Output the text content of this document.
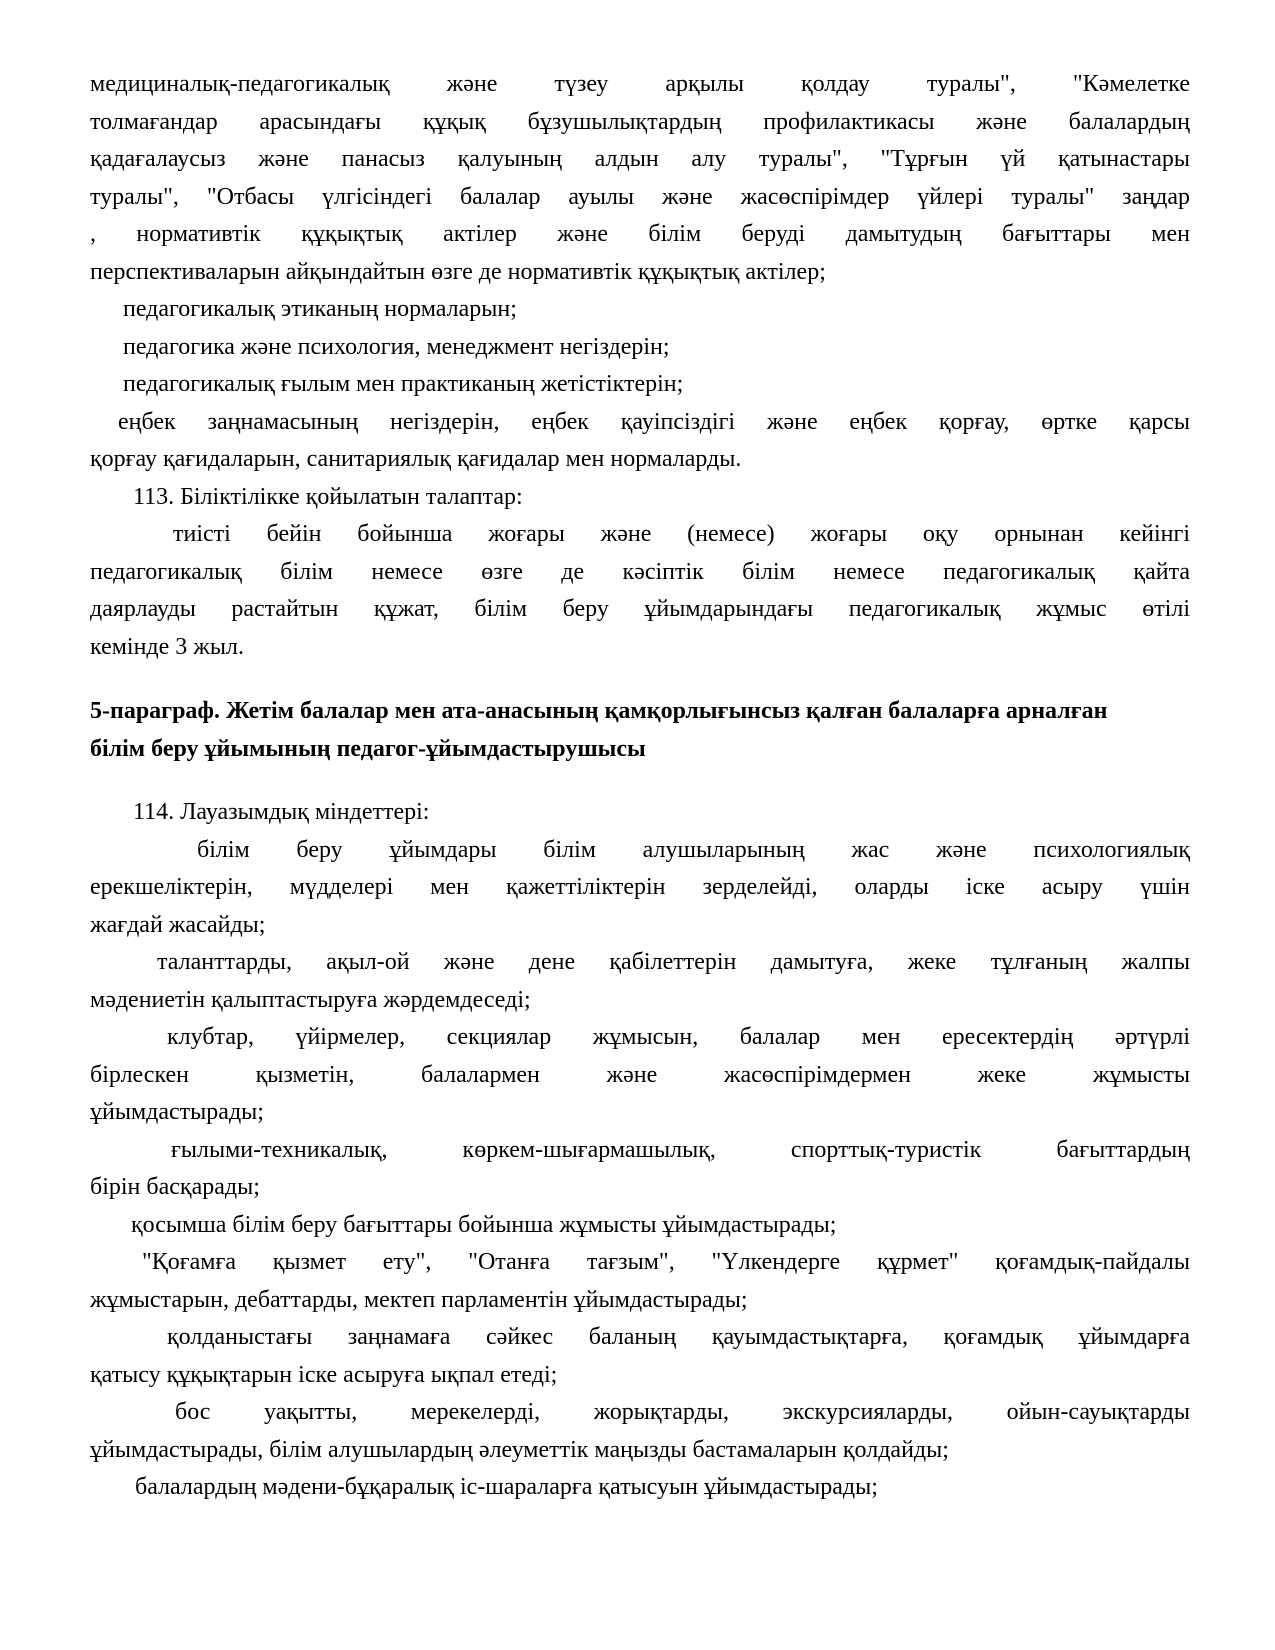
медициналық-педагогикалық және түзеу арқылы қолдау туралы", "Кәмелетке
толмағандар арасындағы құқық бұзушылықтардың профилактикасы және балалардың
қадағалаусыз және панасыз қалуының алдын алу туралы", "Тұрғын үй қатынастары
туралы", "Отбасы үлгісіндегі балалар ауылы және жасөспірімдер үйлері туралы" заңдар
, нормативтік құқықтық актілер және білім беруді дамытудың бағыттары мен
перспективаларын айқындайтын өзге де нормативтік құқықтық актілер;
педагогикалық этиканың нормаларын;
педагогика және психология, менеджмент негіздерін;
педагогикалық ғылым мен практиканың жетістіктерін;
еңбек заңнамасының негіздерін, еңбек қауіпсіздігі және еңбек қорғау, өртке қарсы
қорғау қағидаларын, санитариялық қағидалар мен нормаларды.
113. Біліктілікке қойылатын талаптар:
тиісті бейін бойынша жоғары және (немесе) жоғары оқу орнынан кейінгі
педагогикалық білім немесе өзге де кәсіптік білім немесе педагогикалық қайта
даярлауды растайтын құжат, білім беру ұйымдарындағы педагогикалық жұмыс өтілі
кемінде 3 жыл.
5-параграф. Жетім балалар мен ата-анасының қамқорлығынсыз қалған балаларға арналған
білім беру ұйымының педагог-ұйымдастырушысы
114. Лауазымдық міндеттері:
білім беру ұйымдары білім алушыларының жас және психологиялық
ерекшеліктерін, мүдделері мен қажеттіліктерін зерделейді, оларды іске асыру үшін
жағдай жасайды;
таланттарды, ақыл-ой және дене қабілеттерін дамытуға, жеке тұлғаның жалпы
мәдениетін қалыптастыруға жәрдемдеседі;
клубтар, үйірмелер, секциялар жұмысын, балалар мен ересектердің әртүрлі
бірлескен қызметін, балалармен және жасөспірімдермен жеке жұмысты
ұйымдастырады;
ғылыми-техникалық, көркем-шығармашылық, спорттық-туристік бағыттардың
бірін басқарады;
қосымша білім беру бағыттары бойынша жұмысты ұйымдастырады;
"Қоғамға қызмет ету", "Отанға тағзым", "Үлкендерге құрмет" қоғамдық-пайдалы
жұмыстарын, дебаттарды, мектеп парламентін ұйымдастырады;
қолданыстағы заңнамаға сәйкес баланың қауымдастықтарға, қоғамдық ұйымдарға
қатысу құқықтарын іске асыруға ықпал етеді;
бос уақытты, мерекелерді, жорықтарды, экскурсияларды, ойын-сауықтарды
ұйымдастырады, білім алушылардың әлеуметтік маңызды бастамаларын қолдайды;
балалардың мәдени-бұқаралық іс-шараларға қатысуын ұйымдастырады;
